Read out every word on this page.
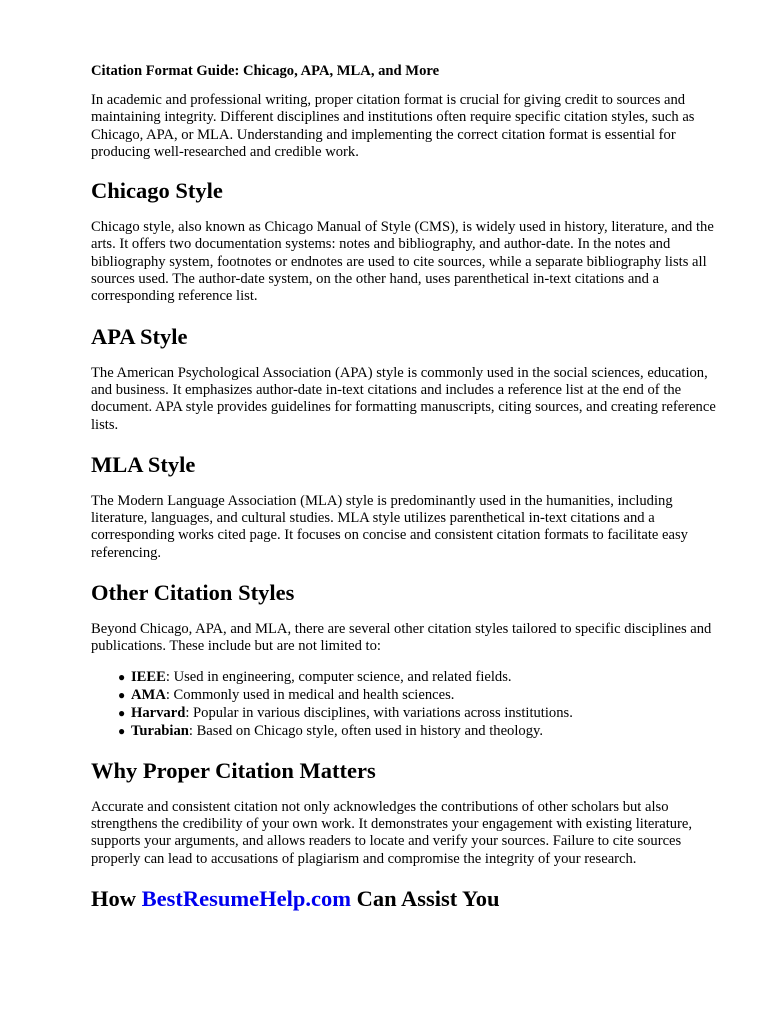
Citation Format Guide: Chicago, APA, MLA, and More

In academic and professional writing, proper citation format is crucial for giving credit to sources and maintaining integrity. Different disciplines and institutions often require specific citation styles, such as Chicago, APA, or MLA. Understanding and implementing the correct citation format is essential for producing well-researched and credible work.

Chicago Style

Chicago style, also known as Chicago Manual of Style (CMS), is widely used in history, literature, and the arts. It offers two documentation systems: notes and bibliography, and author-date. In the notes and bibliography system, footnotes or endnotes are used to cite sources, while a separate bibliography lists all sources used. The author-date system, on the other hand, uses parenthetical in-text citations and a corresponding reference list.

APA Style

The American Psychological Association (APA) style is commonly used in the social sciences, education, and business. It emphasizes author-date in-text citations and includes a reference list at the end of the document. APA style provides guidelines for formatting manuscripts, citing sources, and creating reference lists.

MLA Style

The Modern Language Association (MLA) style is predominantly used in the humanities, including literature, languages, and cultural studies. MLA style utilizes parenthetical in-text citations and a corresponding works cited page. It focuses on concise and consistent citation formats to facilitate easy referencing.

Other Citation Styles

Beyond Chicago, APA, and MLA, there are several other citation styles tailored to specific disciplines and publications. These include but are not limited to:

● IEEE: Used in engineering, computer science, and related fields.
● AMA: Commonly used in medical and health sciences.
● Harvard: Popular in various disciplines, with variations across institutions.
● Turabian: Based on Chicago style, often used in history and theology.
Why Proper Citation Matters

Accurate and consistent citation not only acknowledges the contributions of other scholars but also strengthens the credibility of your own work. It demonstrates your engagement with existing literature, supports your arguments, and allows readers to locate and verify your sources. Failure to cite sources properly can lead to accusations of plagiarism and compromise the integrity of your research.

How BestResumeHelp.com Can Assist You
